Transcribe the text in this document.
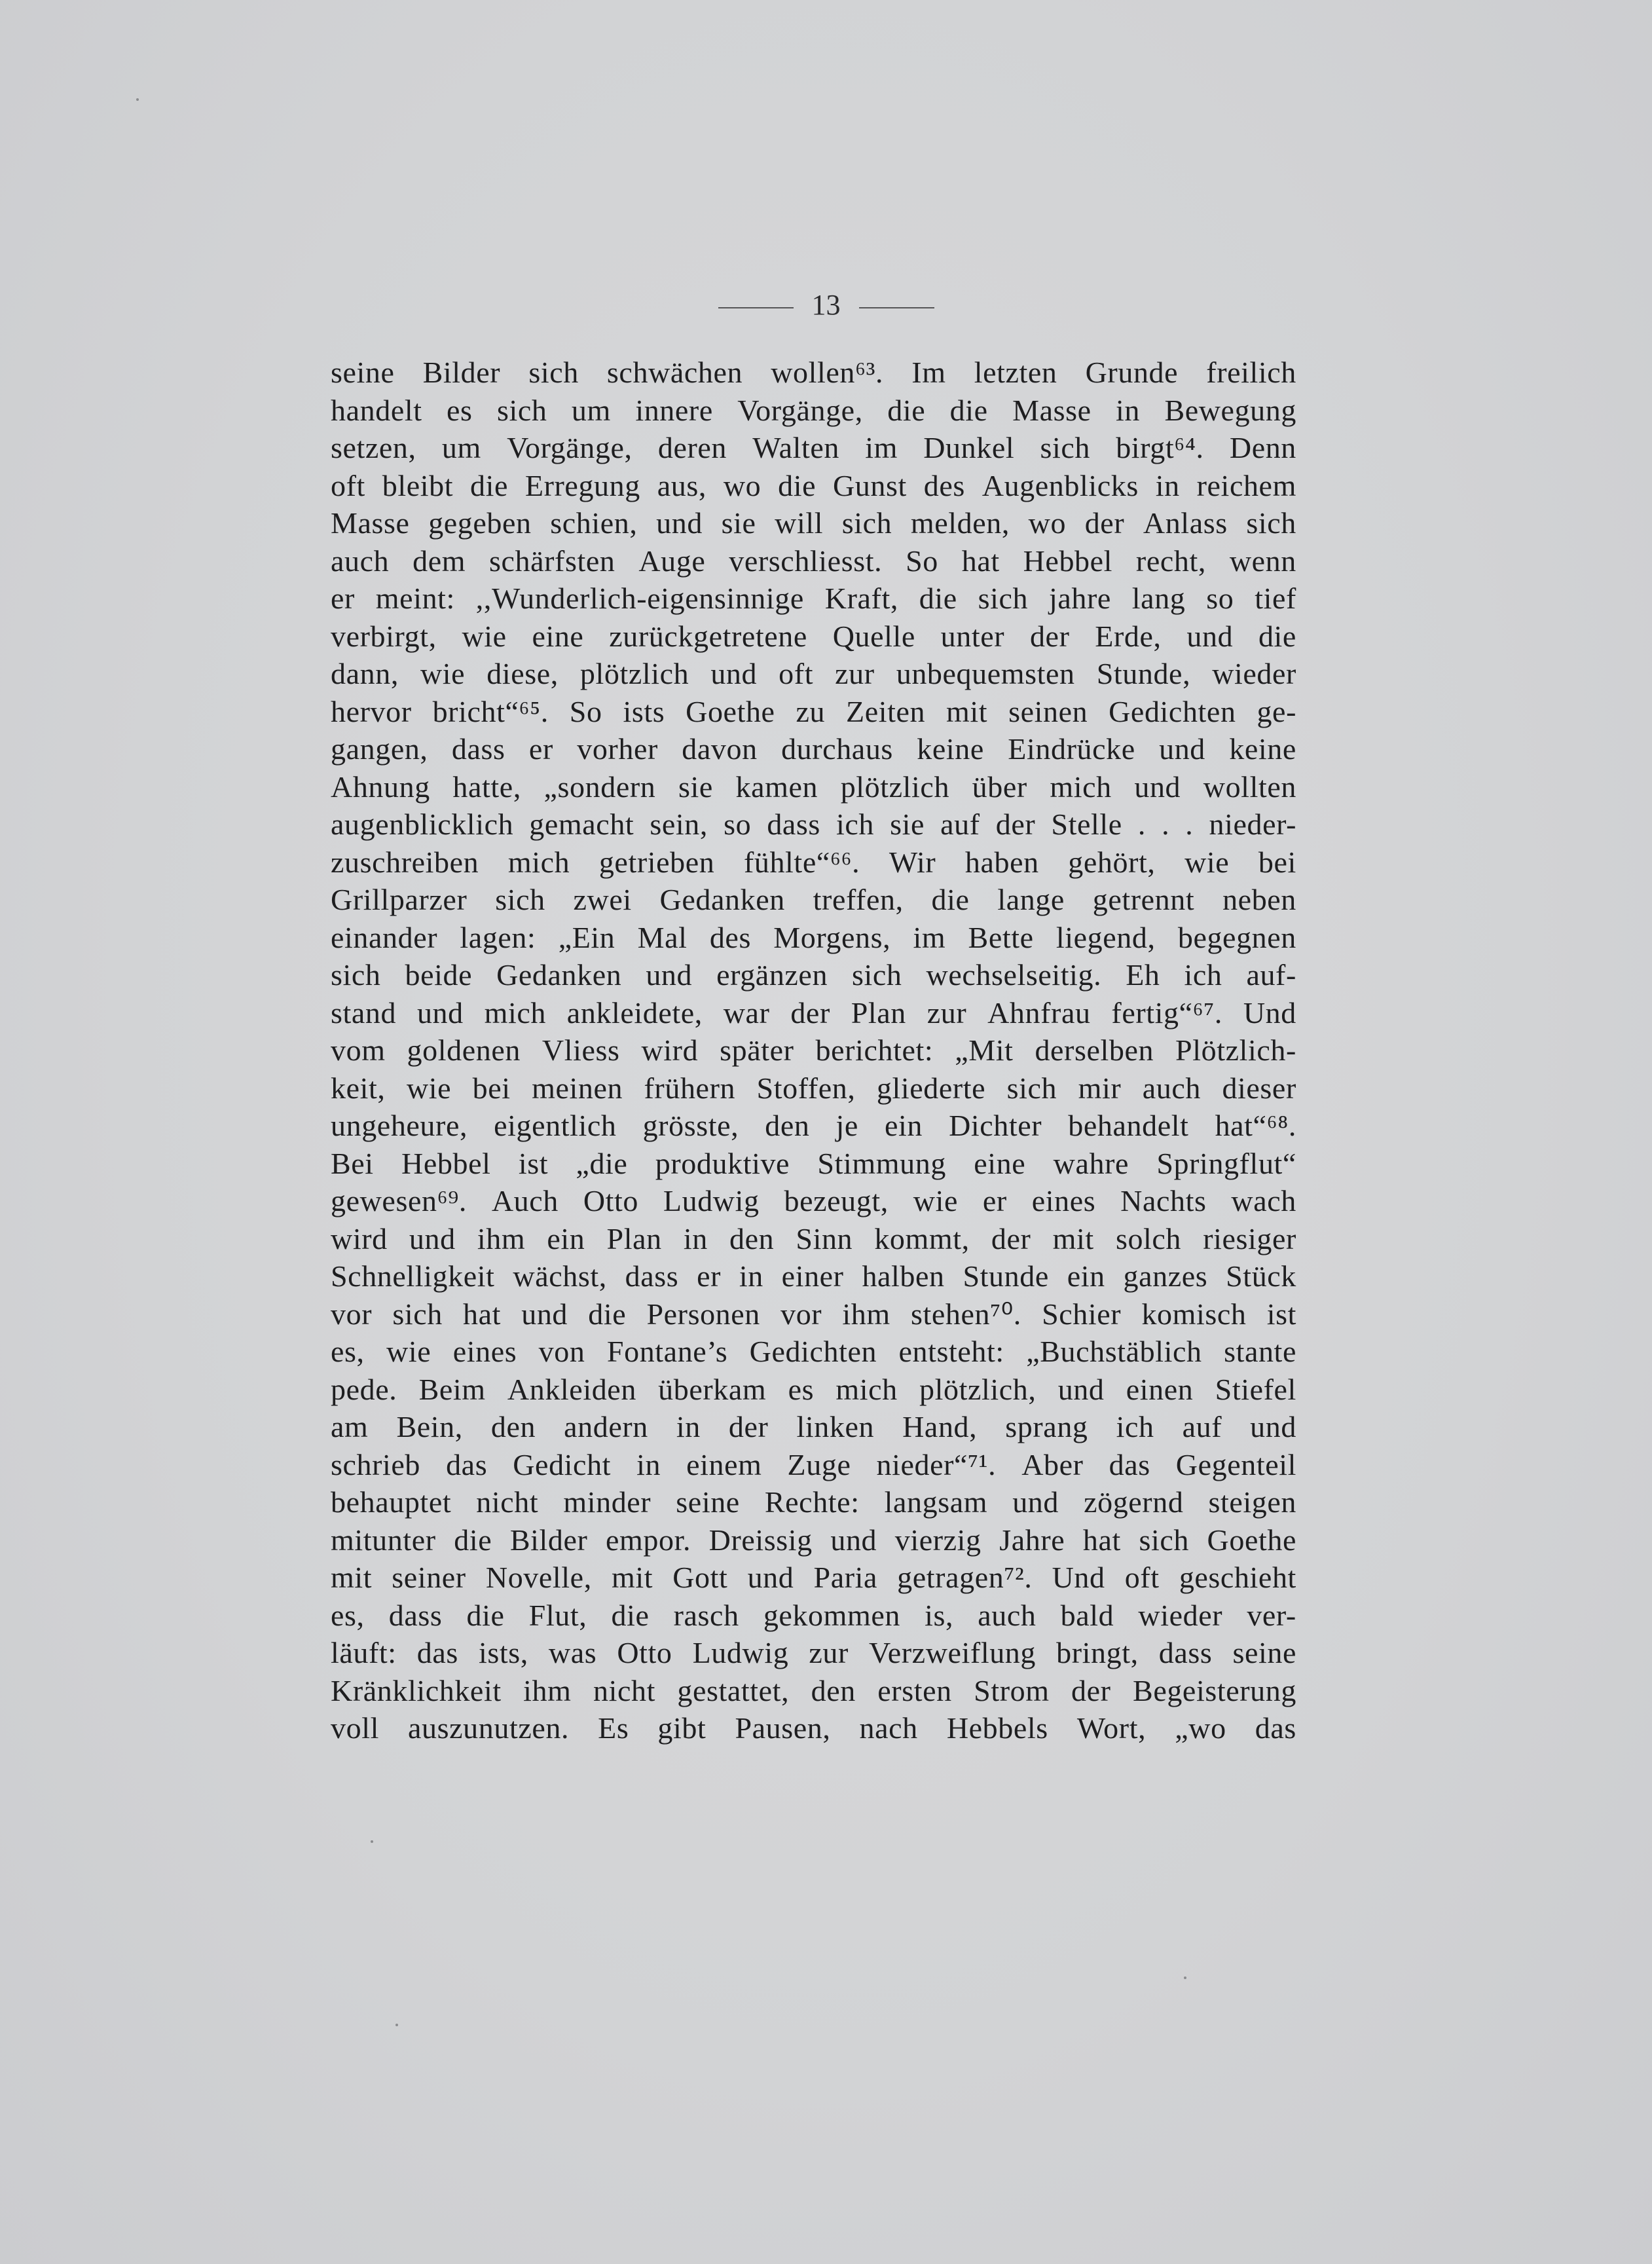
13
seine Bilder sich schwächen wollen⁶³. Im letzten Grunde freilich
handelt es sich um innere Vorgänge, die die Masse in Bewegung
setzen, um Vorgänge, deren Walten im Dunkel sich birgt⁶⁴. Denn
oft bleibt die Erregung aus, wo die Gunst des Augenblicks in reichem
Masse gegeben schien, und sie will sich melden, wo der Anlass sich
auch dem schärfsten Auge verschliesst. So hat Hebbel recht, wenn
er meint: ,,Wunderlich-eigensinnige Kraft, die sich jahre lang so tief
verbirgt, wie eine zurückgetretene Quelle unter der Erde, und die
dann, wie diese, plötzlich und oft zur unbequemsten Stunde, wieder
hervor bricht“⁶⁵. So ists Goethe zu Zeiten mit seinen Gedichten ge-
gangen, dass er vorher davon durchaus keine Eindrücke und keine
Ahnung hatte, „sondern sie kamen plötzlich über mich und wollten
augenblicklich gemacht sein, so dass ich sie auf der Stelle . . . nieder-
zuschreiben mich getrieben fühlte“⁶⁶. Wir haben gehört, wie bei
Grillparzer sich zwei Gedanken treffen, die lange getrennt neben
einander lagen: „Ein Mal des Morgens, im Bette liegend, begegnen
sich beide Gedanken und ergänzen sich wechselseitig. Eh ich auf-
stand und mich ankleidete, war der Plan zur Ahnfrau fertig“⁶⁷. Und
vom goldenen Vliess wird später berichtet: „Mit derselben Plötzlich-
keit, wie bei meinen frühern Stoffen, gliederte sich mir auch dieser
ungeheure, eigentlich grösste, den je ein Dichter behandelt hat“⁶⁸.
Bei Hebbel ist „die produktive Stimmung eine wahre Springflut“
gewesen⁶⁹. Auch Otto Ludwig bezeugt, wie er eines Nachts wach
wird und ihm ein Plan in den Sinn kommt, der mit solch riesiger
Schnelligkeit wächst, dass er in einer halben Stunde ein ganzes Stück
vor sich hat und die Personen vor ihm stehen⁷⁰. Schier komisch ist
es, wie eines von Fontane’s Gedichten entsteht: „Buchstäblich stante
pede. Beim Ankleiden überkam es mich plötzlich, und einen Stiefel
am Bein, den andern in der linken Hand, sprang ich auf und
schrieb das Gedicht in einem Zuge nieder“⁷¹. Aber das Gegenteil
behauptet nicht minder seine Rechte: langsam und zögernd steigen
mitunter die Bilder empor. Dreissig und vierzig Jahre hat sich Goethe
mit seiner Novelle, mit Gott und Paria getragen⁷². Und oft geschieht
es, dass die Flut, die rasch gekommen is, auch bald wieder ver-
läuft: das ists, was Otto Ludwig zur Verzweiflung bringt, dass seine
Kränklichkeit ihm nicht gestattet, den ersten Strom der Begeisterung
voll auszunutzen. Es gibt Pausen, nach Hebbels Wort, „wo das
